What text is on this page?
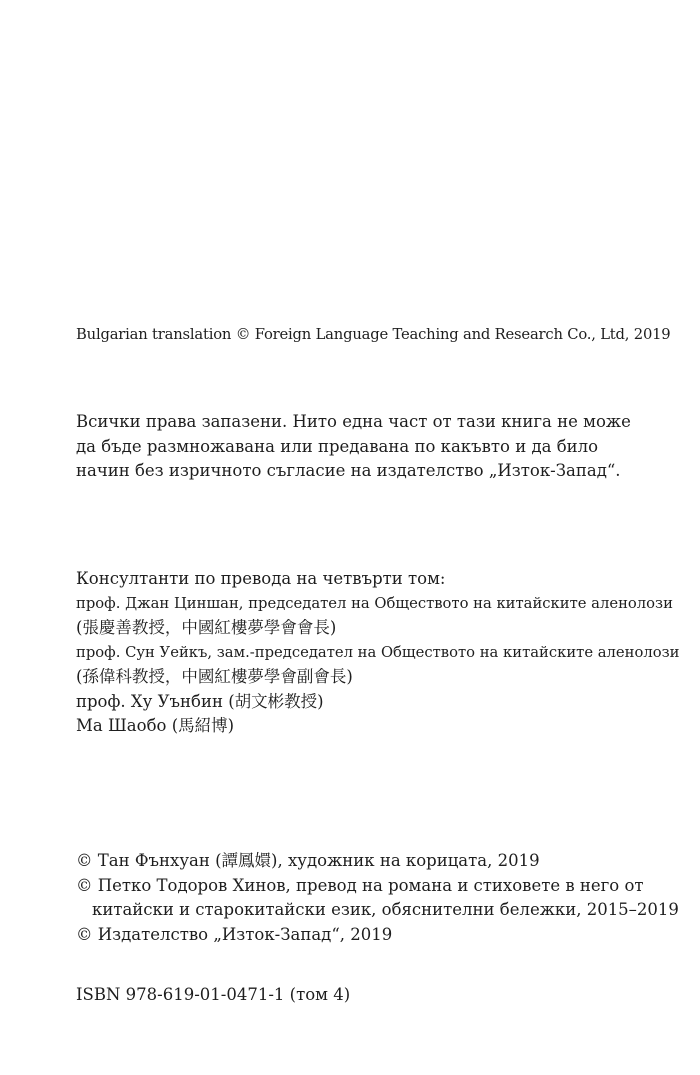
Bulgarian translation © Foreign Language Teaching and Research Co., Ltd, 2019
Всички права запазени. Нито една част от тази книга не може
да бъде размножавана или предавана по какъвто и да било
начин без изричното съгласие на издателство „Изток-Запад“.
Консултанти по превода на четвърти том:
проф. Джан Циншан, председател на Обществото на китайските аленолози
(張慶善教授，中國紅樓夢學會會長)
проф. Сун Уейкъ, зам.-председател на Обществото на китайските аленолози
(孫偉科教授，中國紅樓夢學會副會長)
проф. Ху Уънбин (胡文彬教授)
Ма Шаобо (馬紹博)
© Тан Фънхуан (譚鳳嬛), художник на корицата, 2019
© Петко Тодоров Хинов, превод на романа и стиховете в него от
китайски и старокитайски език, обяснителни бележки, 2015–2019
© Издателство „Изток-Запад“, 2019
ISBN 978-619-01-0471-1 (том 4)
